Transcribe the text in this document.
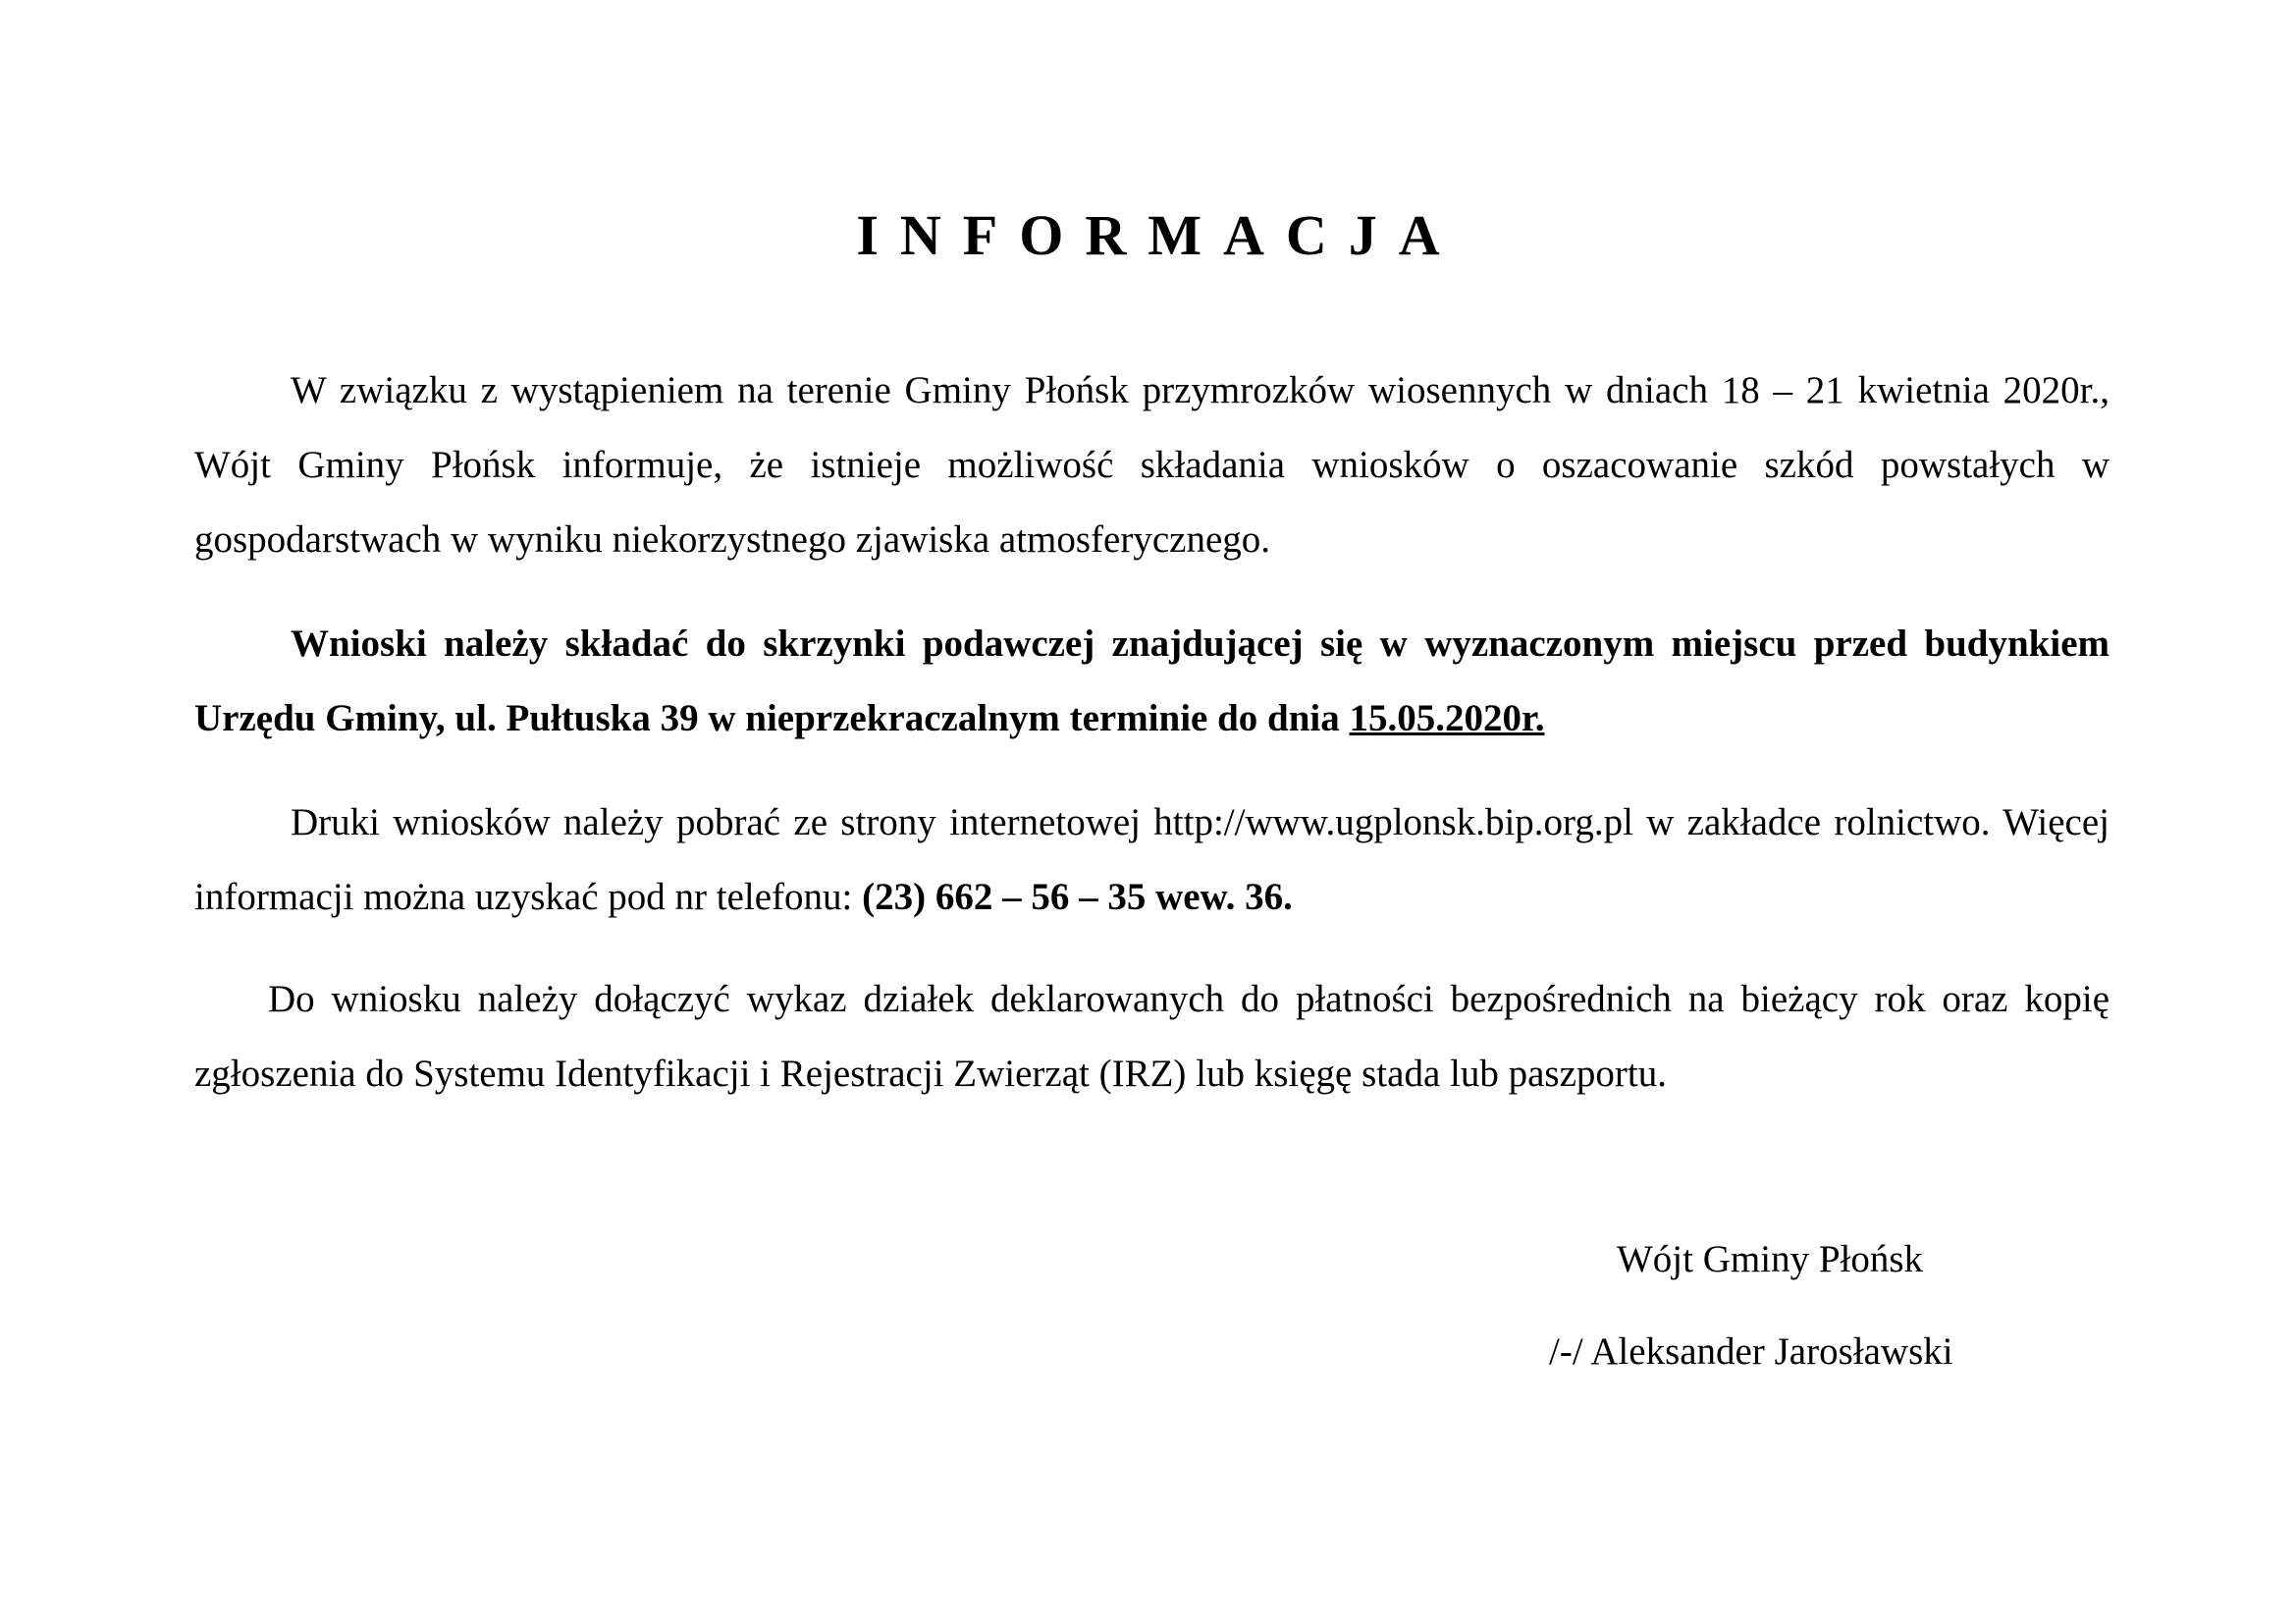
INFORMACJA

W związku z wystąpieniem na terenie Gminy Płońsk przymrozków wiosennych w dniach 18 – 21 kwietnia 2020r., Wójt Gminy Płońsk informuje, że istnieje możliwość składania wniosków o oszacowanie szkód powstałych w gospodarstwach w wyniku niekorzystnego zjawiska atmosferycznego.

Wnioski należy składać do skrzynki podawczej znajdującej się w wyznaczonym miejscu przed budynkiem Urzędu Gminy, ul. Pułtuska 39 w nieprzekraczalnym terminie do dnia 15.05.2020r.

Druki wniosków należy pobrać ze strony internetowej http://www.ugplonsk.bip.org.pl w zakładce rolnictwo. Więcej informacji można uzyskać pod nr telefonu: (23) 662 – 56 – 35 wew. 36.

Do wniosku należy dołączyć wykaz działek deklarowanych do płatności bezpośrednich na bieżący rok oraz kopię zgłoszenia do Systemu Identyfikacji i Rejestracji Zwierząt (IRZ) lub księgę stada lub paszportu.

Wójt Gminy Płońsk
/-/ Aleksander Jarosławski
